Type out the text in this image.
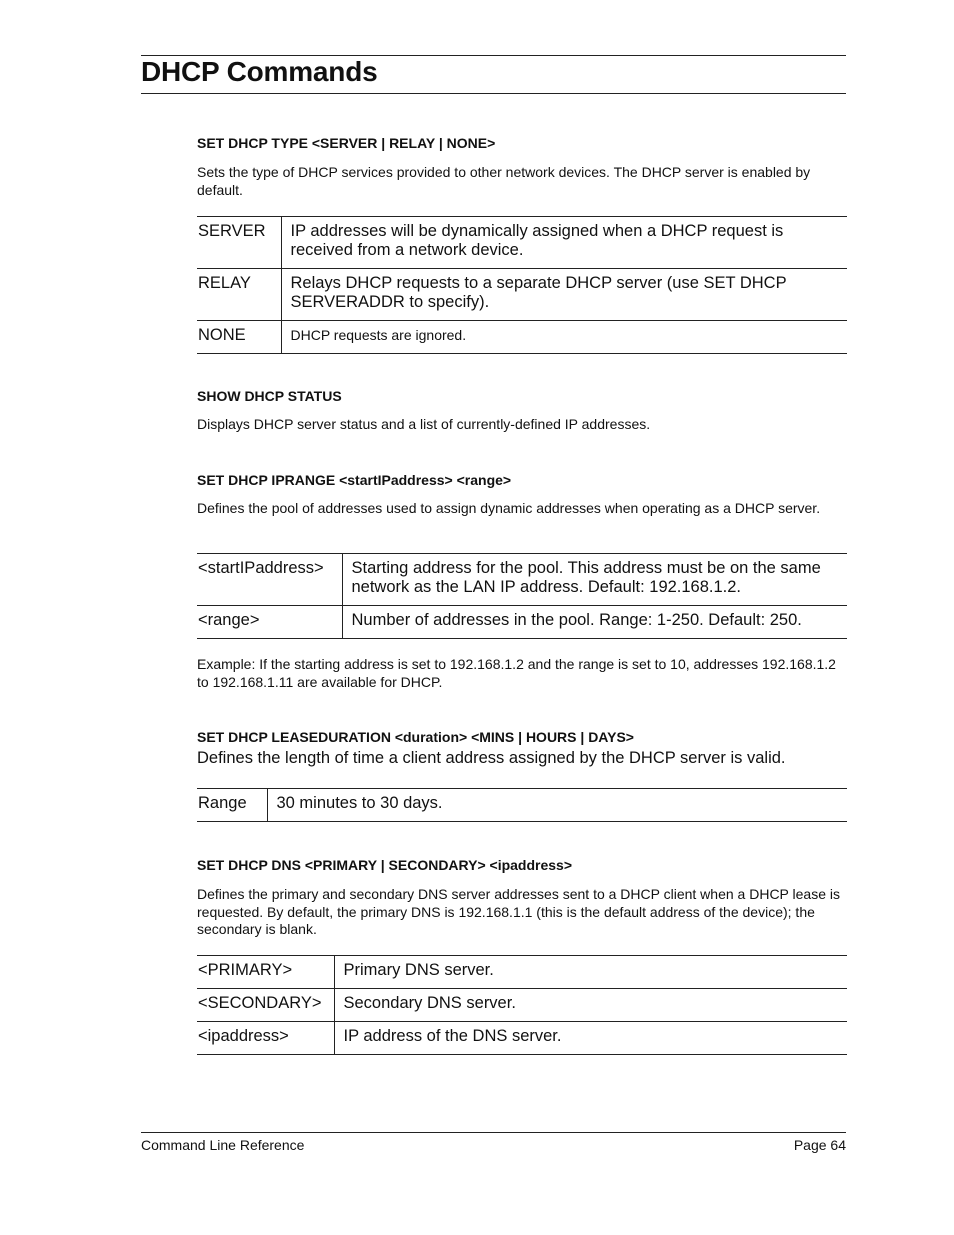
DHCP Commands
SET DHCP TYPE <SERVER | RELAY | NONE>
Sets the type of DHCP services provided to other network devices. The DHCP server is enabled by default.
SERVER	IP addresses will be dynamically assigned when a DHCP request is received from a network device.
RELAY	Relays DHCP requests to a separate DHCP server (use SET DHCP SERVERADDR to specify).
NONE	DHCP requests are ignored.
SHOW DHCP STATUS
Displays DHCP server status and a list of currently-defined IP addresses.
SET DHCP IPRANGE <startIPaddress> <range>
Defines the pool of addresses used to assign dynamic addresses when operating as a DHCP server.
<startIPaddress>	Starting address for the pool. This address must be on the same network as the LAN IP address. Default: 192.168.1.2.
<range>	Number of addresses in the pool. Range: 1-250. Default: 250.
Example: If the starting address is set to 192.168.1.2 and the range is set to 10, addresses 192.168.1.2 to 192.168.1.11 are available for DHCP.
SET DHCP LEASEDURATION <duration> <MINS | HOURS | DAYS>
Defines the length of time a client address assigned by the DHCP server is valid.
Range	30 minutes to 30 days.
SET DHCP DNS <PRIMARY | SECONDARY> <ipaddress>
Defines the primary and secondary DNS server addresses sent to a DHCP client when a DHCP lease is requested. By default, the primary DNS is 192.168.1.1 (this is the default address of the device); the secondary is blank.
<PRIMARY>	Primary DNS server.
<SECONDARY>	Secondary DNS server.
<ipaddress>	IP address of the DNS server.
Command Line Reference	Page 64
